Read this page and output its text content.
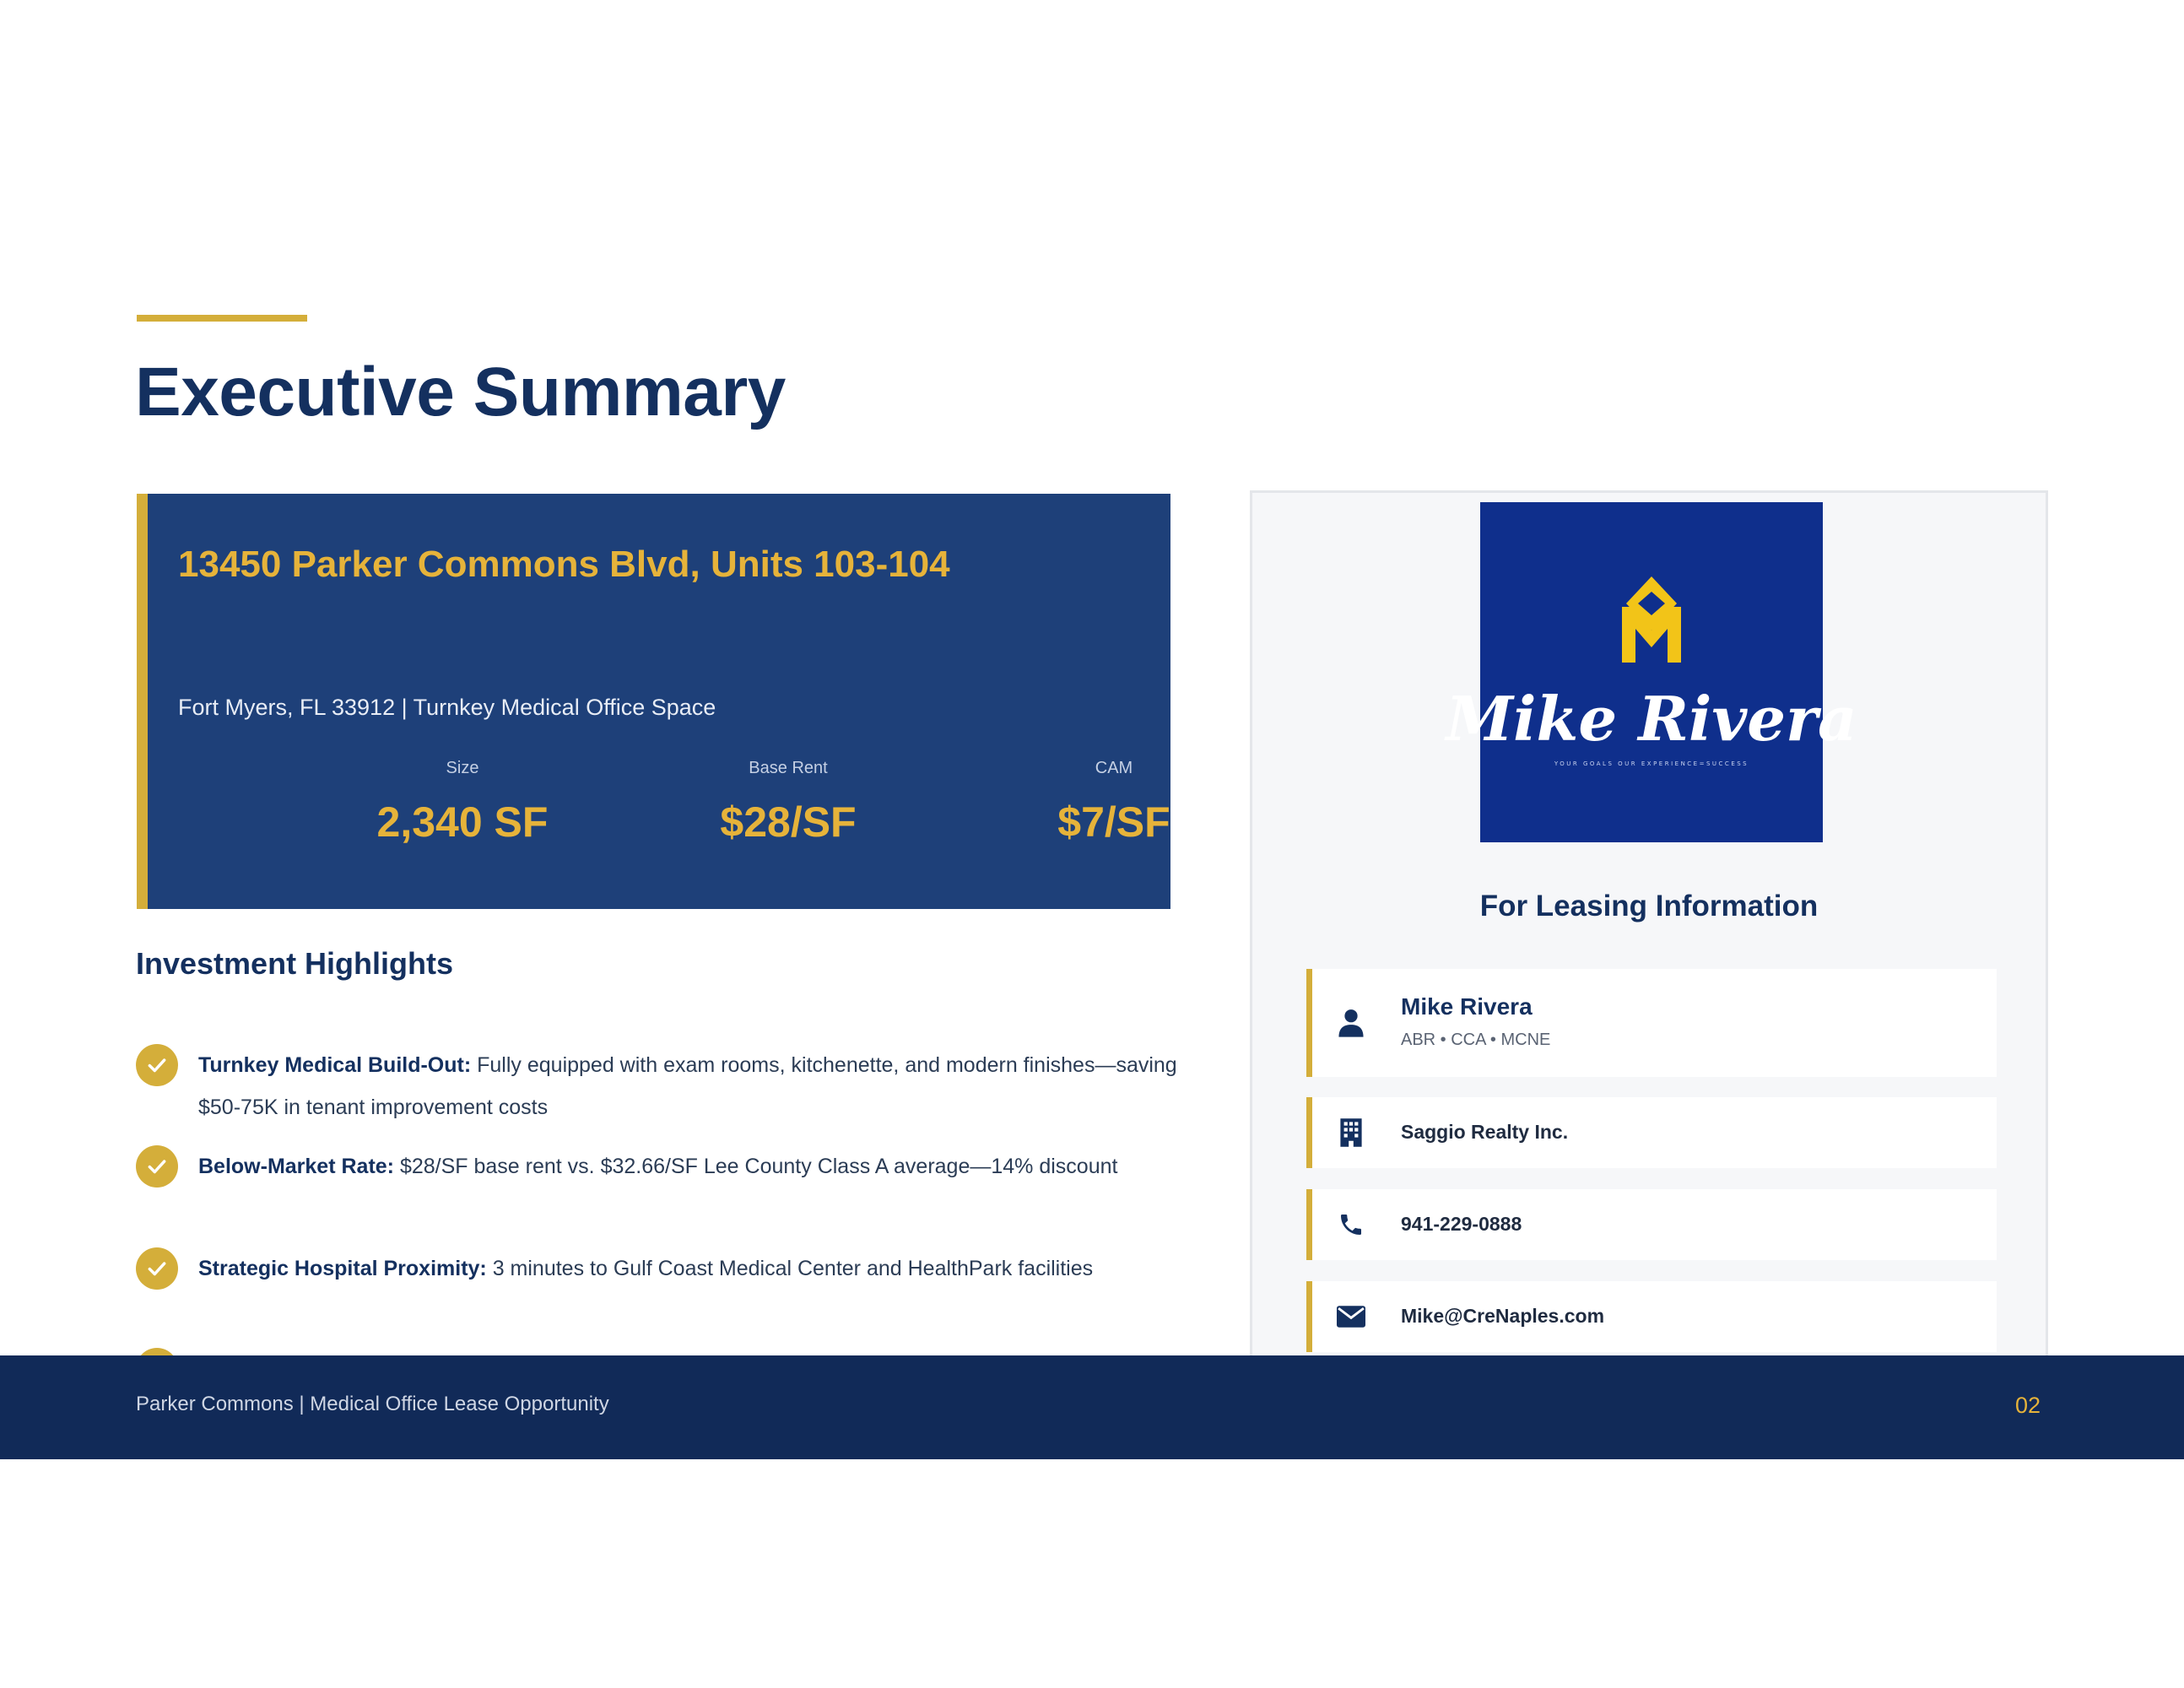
Executive Summary
13450 Parker Commons Blvd, Units 103-104
Fort Myers, FL 33912 | Turnkey Medical Office Space
Size
2,340 SF
Base Rent
$28/SF
CAM
$7/SF
Investment Highlights
Turnkey Medical Build-Out: Fully equipped with exam rooms, kitchenette, and modern finishes—saving $50-75K in tenant improvement costs
Below-Market Rate: $28/SF base rent vs. $32.66/SF Lee County Class A average—14% discount
Strategic Hospital Proximity: 3 minutes to Gulf Coast Medical Center and HealthPark facilities
Mike Rivera
YOUR GOALS OUR EXPERIENCE=SUCCESS
For Leasing Information
Mike Rivera
ABR • CCA • MCNE
Saggio Realty Inc.
941-229-0888
Mike@CreNaples.com
Parker Commons | Medical Office Lease Opportunity	02
